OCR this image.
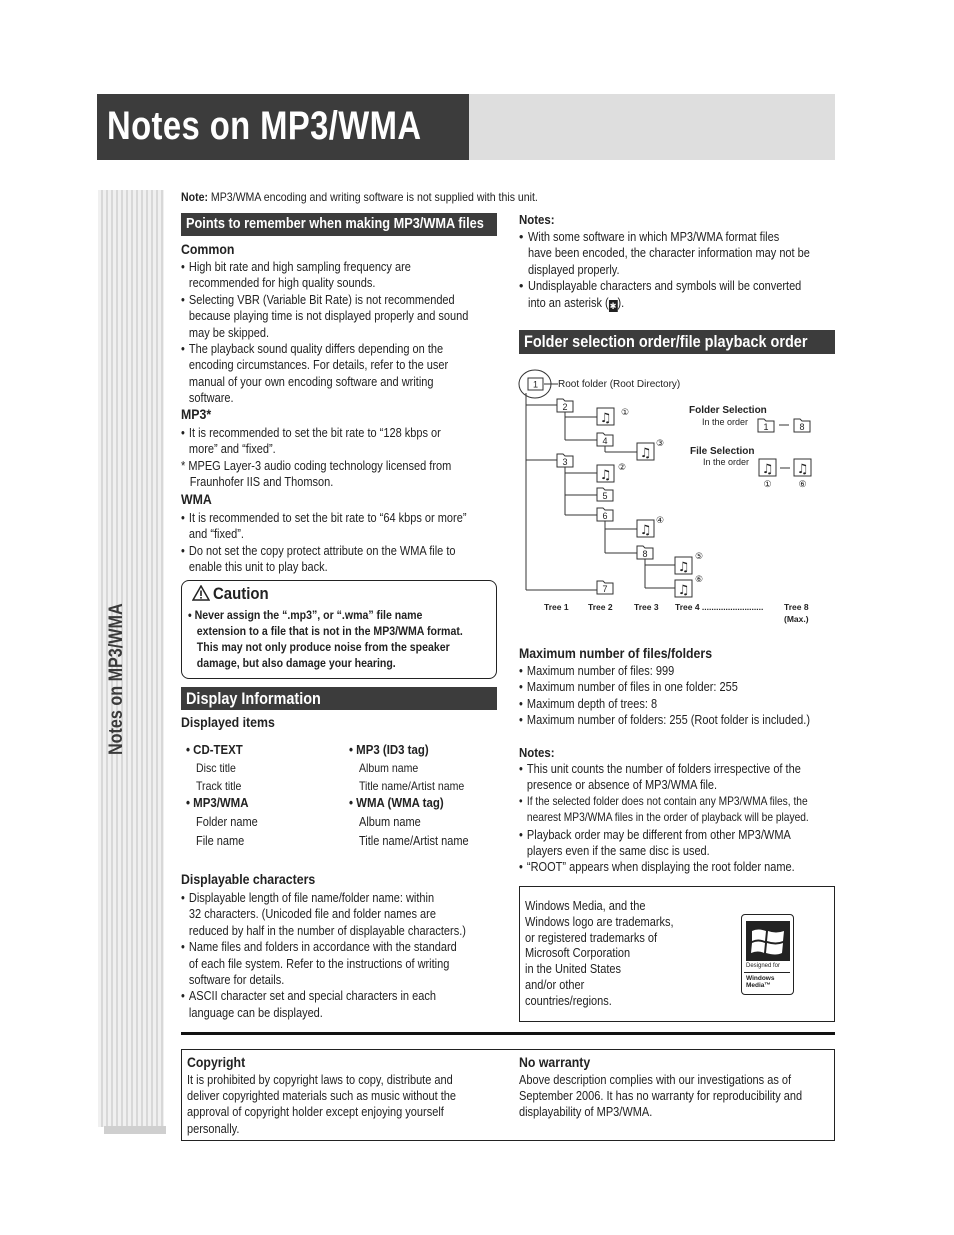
Notes on MP3/WMA
Notes on MP3/WMA
Note: MP3/WMA encoding and writing software is not supplied with this unit.
Points to remember when making MP3/WMA files
Common
• High bit rate and high sampling frequency are
recommended for high quality sounds.
• Selecting VBR (Variable Bit Rate) is not recommended
because playing time is not displayed properly and sound
may be skipped.
• The playback sound quality differs depending on the
encoding circumstances. For details, refer to the user
manual of your own encoding software and writing
software.
MP3*
• It is recommended to set the bit rate to “128 kbps or
more” and “fixed”.
* MPEG Layer-3 audio coding technology licensed from
Fraunhofer IIS and Thomson.
WMA
• It is recommended to set the bit rate to “64 kbps or more”
and “fixed”.
• Do not set the copy protect attribute on the WMA file to
enable this unit to play back.
Caution
• Never assign the “.mp3”, or “.wma” file name
extension to a file that is not in the MP3/WMA format.
This may not only produce noise from the speaker
damage, but also damage your hearing.
Display Information
Displayed items
• CD-TEXT
Disc title
Track title
• MP3/WMA
Folder name
File name
• MP3 (ID3 tag)
Album name
Title name/Artist name
• WMA (WMA tag)
Album name
Title name/Artist name
Displayable characters
• Displayable length of file name/folder name: within
32 characters. (Unicoded file and folder names are
reduced by half in the number of displayable characters.)
• Name files and folders in accordance with the standard
of each file system. Refer to the instructions of writing
software for details.
• ASCII character set and special characters in each
language can be displayed.
Notes:
• With some software in which MP3/WMA format files
have been encoded, the character information may not be
displayed properly.
• Undisplayable characters and symbols will be converted
into an asterisk (✱).
Folder selection order/file playback order
1
2
4
3
5
6
8
7
♫ ①
♫
③
♫ ②
♫
④
♫
⑤
♫
⑥
Root folder (Root Directory)
Folder Selection
In the order 1	8
File Selection
In the order ♫
①
♫
⑥
Tree 1 Tree 2	Tree 3 Tree 4 .......................... Tree 8
(Max.)
Maximum number of files/folders
• Maximum number of files: 999
• Maximum number of files in one folder: 255
• Maximum depth of trees: 8
• Maximum number of folders: 255 (Root folder is included.)
Notes:
• This unit counts the number of folders irrespective of the
presence or absence of MP3/WMA file.
• If the selected folder does not contain any MP3/WMA files, the
nearest MP3/WMA files in the order of playback will be played.
• Playback order may be different from other MP3/WMA
players even if the same disc is used.
• “ROOT” appears when displaying the root folder name.
Windows Media, and the
Windows logo are trademarks,
or registered trademarks of
Microsoft Corporation
in the United States
and/or other
countries/regions.
TM
Designed for
Windows
Media™
Copyright
It is prohibited by copyright laws to copy, distribute and
deliver copyrighted materials such as music without the
approval of copyright holder except enjoying yourself
personally.
No warranty
Above description complies with our investigations as of
September 2006. It has no warranty for reproducibility and
displayability of MP3/WMA.
